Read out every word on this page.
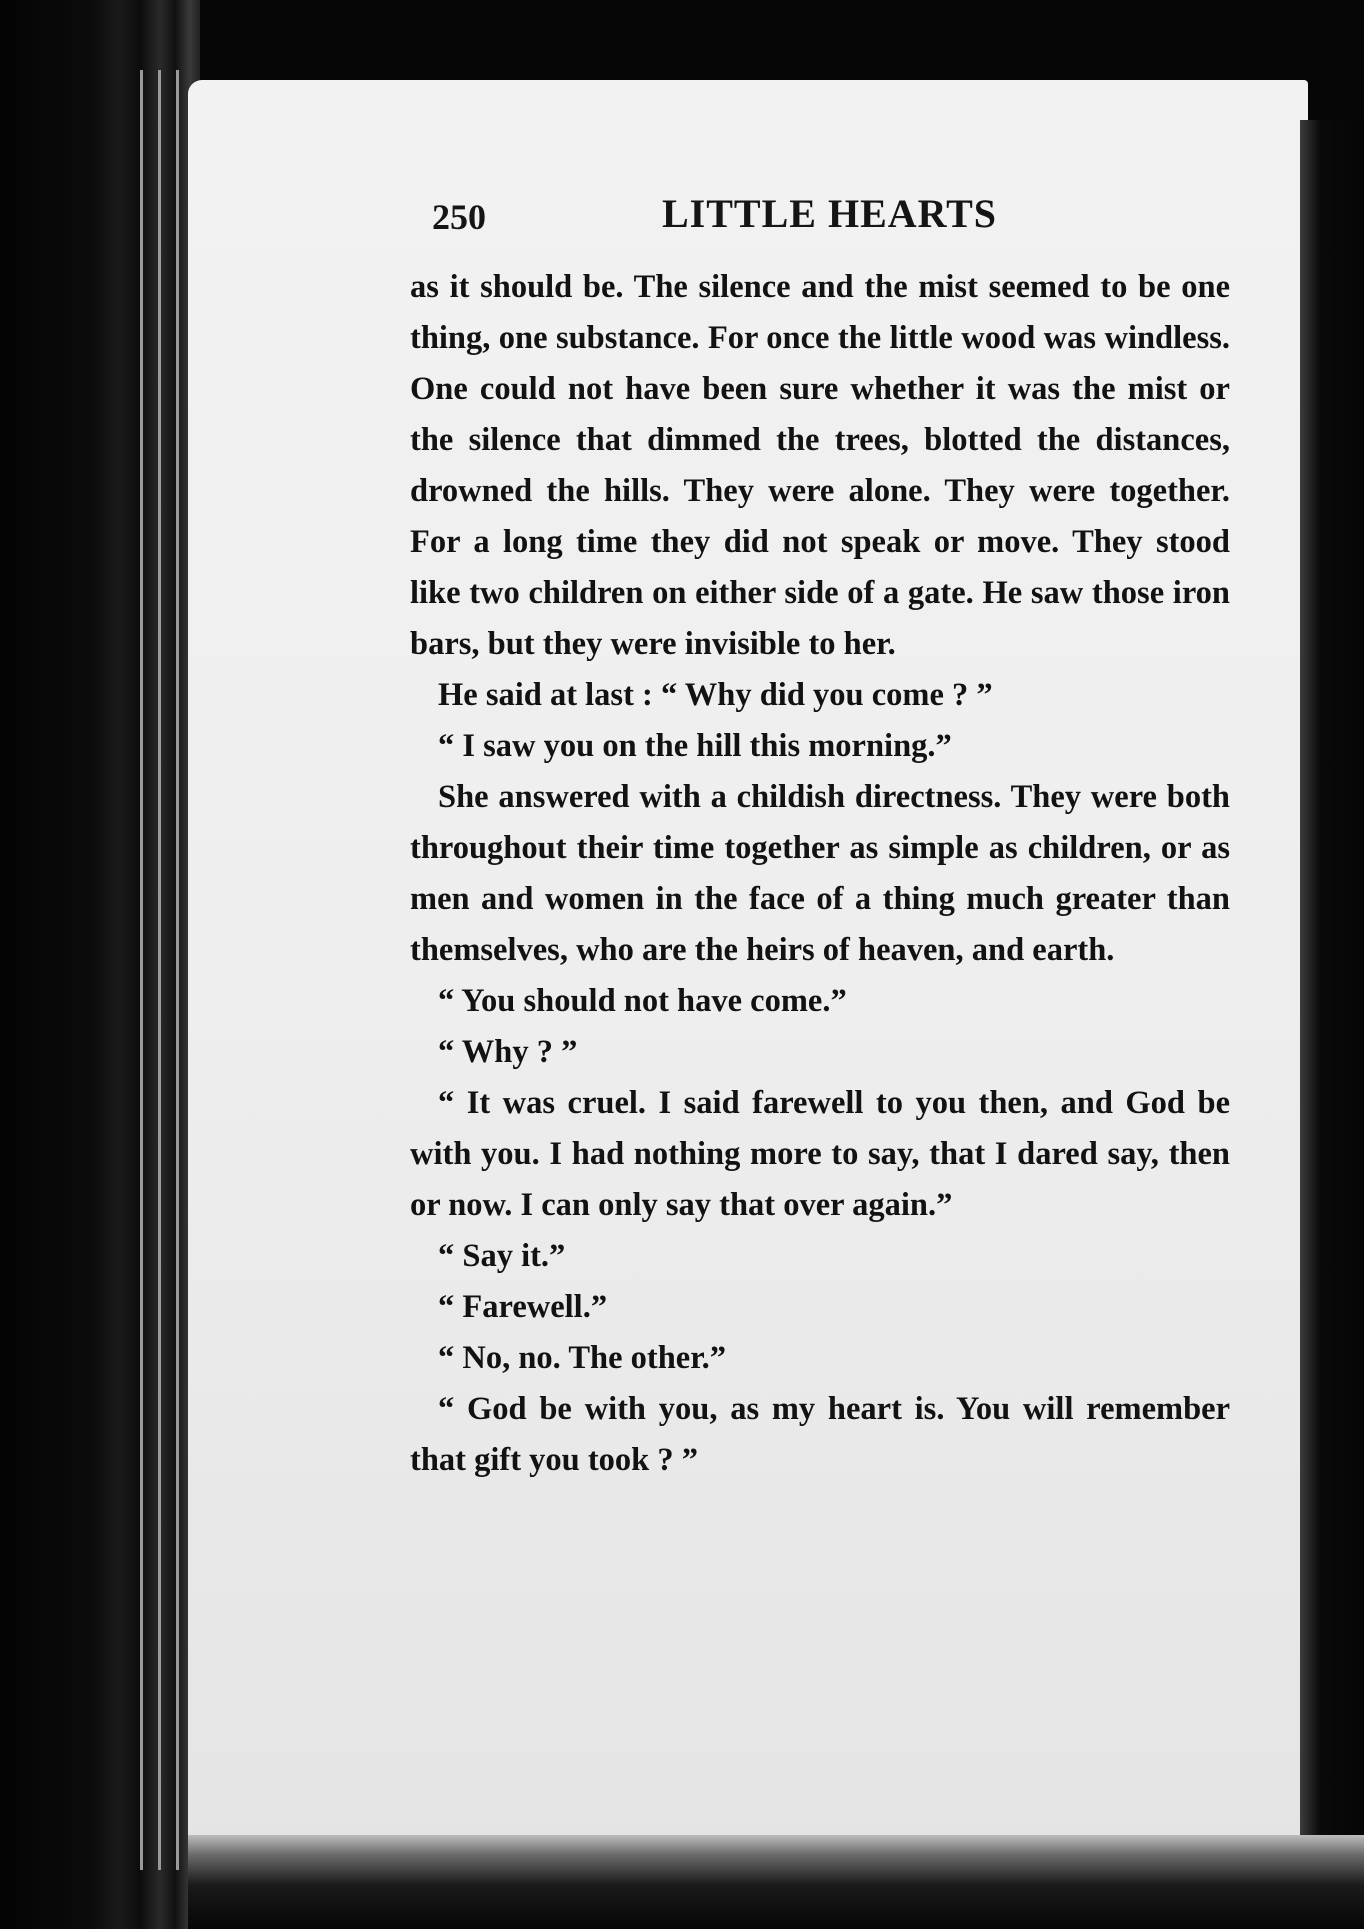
250	LITTLE HEARTS

as it should be. The silence and the mist seemed to be one thing, one substance. For once the little wood was windless. One could not have been sure whether it was the mist or the silence that dimmed the trees, blotted the distances, drowned the hills. They were alone. They were together. For a long time they did not speak or move. They stood like two children on either side of a gate. He saw those iron bars, but they were invisible to her.

He said at last : “ Why did you come ? ”

“ I saw you on the hill this morning.”

She answered with a childish directness. They were both throughout their time together as simple as children, or as men and women in the face of a thing much greater than themselves, who are the heirs of heaven, and earth.

“ You should not have come.”

“ Why ? ”

“ It was cruel. I said farewell to you then, and God be with you. I had nothing more to say, that I dared say, then or now. I can only say that over again.”

“ Say it.”

“ Farewell.”

“ No, no. The other.”

“ God be with you, as my heart is. You will remember that gift you took ? ”
